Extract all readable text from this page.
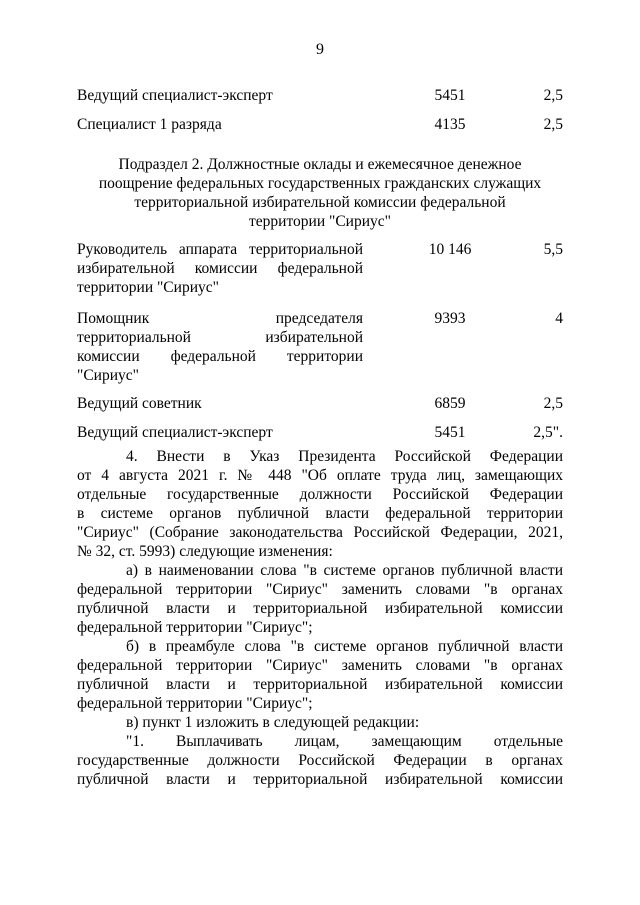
9
Ведущий специалист-эксперт	5451	2,5
Специалист 1 разряда	4135	2,5
Подраздел 2. Должностные оклады и ежемесячное денежное
поощрение федеральных государственных гражданских служащих
территориальной избирательной комиссии федеральной
территории "Сириус"
Руководитель аппарата территориальной
избирательной комиссии федеральной
территории "Сириус"
10 146	5,5
Помощник председателя
территориальной избирательной
комиссии федеральной территории
"Сириус"
9393	4
Ведущий советник	6859	2,5
Ведущий специалист-эксперт	5451	2,5".
4. Внести в Указ Президента Российской Федерации
от 4 августа 2021 г. № 448 "Об оплате труда лиц, замещающих
отдельные государственные должности Российской Федерации
в системе органов публичной власти федеральной территории
"Сириус" (Собрание законодательства Российской Федерации, 2021,
№ 32, ст. 5993) следующие изменения:
а) в наименовании слова "в системе органов публичной власти
федеральной территории "Сириус" заменить словами "в органах
публичной власти и территориальной избирательной комиссии
федеральной территории "Сириус";
б) в преамбуле слова "в системе органов публичной власти
федеральной территории "Сириус" заменить словами "в органах
публичной власти и территориальной избирательной комиссии
федеральной территории "Сириус";
в) пункт 1 изложить в следующей редакции:
"1. Выплачивать лицам, замещающим отдельные
государственные должности Российской Федерации в органах
публичной власти и территориальной избирательной комиссии
